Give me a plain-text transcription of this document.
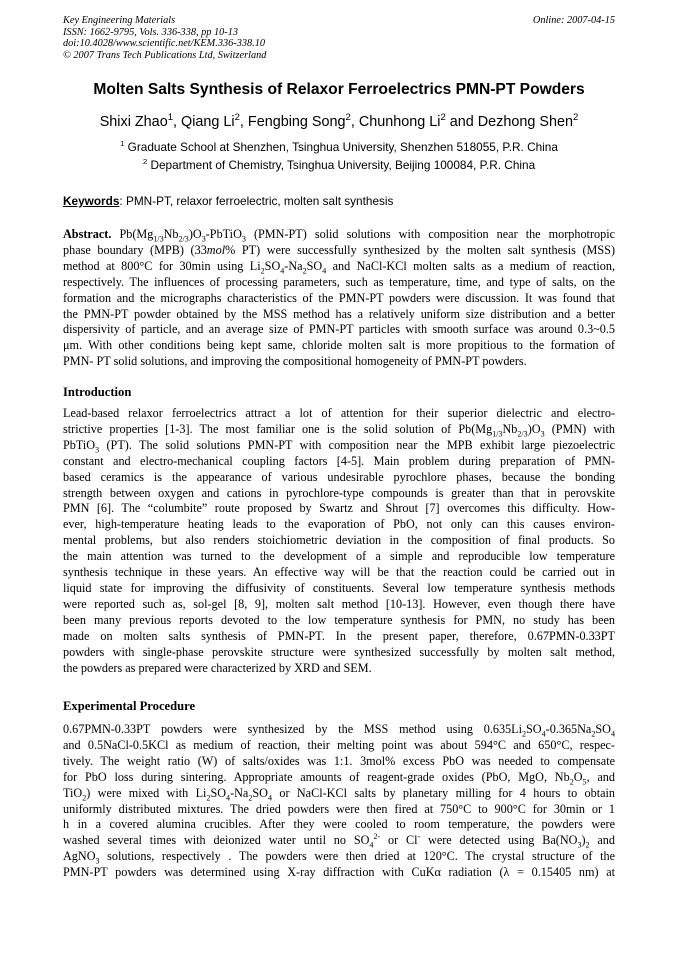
Key Engineering Materials
ISSN: 1662-9795, Vols. 336-338, pp 10-13
doi:10.4028/www.scientific.net/KEM.336-338.10
© 2007 Trans Tech Publications Ltd, Switzerland
Online: 2007-04-15
Molten Salts Synthesis of Relaxor Ferroelectrics PMN-PT Powders
Shixi Zhao$^1$, Qiang Li$^2$, Fengbing Song$^2$, Chunhong Li$^2$ and Dezhong Shen$^2$
$^1$ Graduate School at Shenzhen, Tsinghua University, Shenzhen 518055, P.R. China
$^2$ Department of Chemistry, Tsinghua University, Beijing 100084, P.R. China
Keywords: PMN-PT, relaxor ferroelectric, molten salt synthesis
Abstract. $Pb(Mg_{1/3}Nb_{2/3})O_3-PbTiO_3$ (PMN-PT) solid solutions with composition near the morphotropic
phase boundary (MPB) (33mol% PT) were successfully synthesized by the molten salt synthesis (MSS)
method at 800°C for 30min using $Li_2SO_4-Na_2SO_4$ and NaCl-KCl molten salts as a medium of reaction,
respectively. The influences of processing parameters, such as temperature, time, and type of salts, on the
formation and the micrographs characteristics of the PMN-PT powders were discussion. It was found that
the PMN-PT powder obtained by the MSS method has a relatively uniform size distribution and a better
dispersivity of particle, and an average size of PMN-PT particles with smooth surface was around 0.3~0.5
μm. With other conditions being kept same, chloride molten salt is more propitious to the formation of
PMN- PT solid solutions, and improving the compositional homogeneity of PMN-PT powders.
Introduction
Lead-based relaxor ferroelectrics attract a lot of attention for their superior dielectric and electro-
strictive properties [1-3]. The most familiar one is the solid solution of $Pb(Mg_{1/3}Nb_{2/3})O_3$ (PMN) with
PbTiO$_3$ (PT). The solid solutions PMN-PT with composition near the MPB exhibit large piezoelectric
constant and electro-mechanical coupling factors [4-5]. Main problem during preparation of PMN-
based ceramics is the appearance of various undesirable pyrochlore phases, because the bonding
strength between oxygen and cations in pyrochlore-type compounds is greater than that in perovskite
PMN [6]. The “columbite” route proposed by Swartz and Shrout [7] overcomes this difficulty. How-
ever, high-temperature heating leads to the evaporation of PbO, not only can this causes environ-
mental problems, but also renders stoichiometric deviation in the composition of final products. So
the main attention was turned to the development of a simple and reproducible low temperature
synthesis technique in these years. An effective way will be that the reaction could be carried out in
liquid state for improving the diffusivity of constituents. Several low temperature synthesis methods
were reported such as, sol-gel [8, 9], molten salt method [10-13]. However, even though there have
been many previous reports devoted to the low temperature synthesis for PMN, no study has been
made on molten salts synthesis of PMN-PT. In the present paper, therefore, 0.67PMN-0.33PT
powders with single-phase perovskite structure were synthesized successfully by molten salt method,
the powders as prepared were characterized by XRD and SEM.
Experimental Procedure
0.67PMN-0.33PT powders were synthesized by the MSS method using $0.635Li_2SO_4-0.365Na_2SO_4$
and 0.5NaCl-0.5KCl as medium of reaction, their melting point was about 594°C and 650°C, respec-
tively. The weight ratio (W) of salts/oxides was 1:1. 3mol% excess PbO was needed to compensate
for PbO loss during sintering. Appropriate amounts of reagent-grade oxides (PbO, MgO, $Nb_2O_5$, and
TiO$_2$) were mixed with $Li_2SO_4-Na_2SO_4$ or NaCl-KCl salts by planetary milling for 4 hours to obtain
uniformly distributed mixtures. The dried powders were then fired at 750°C to 900°C for 30min or 1
h in a covered alumina crucibles. After they were cooled to room temperature, the powders were
washed several times with deionized water until no $SO_4^{2-}$ or Cl- were detected using $Ba(NO_3)_2$ and
AgNO$_3$ solutions, respectively . The powders were then dried at 120°C. The crystal structure of the
PMN-PT powders was determined using X-ray diffraction with CuKα radiation (λ = 0.15405 nm) at
